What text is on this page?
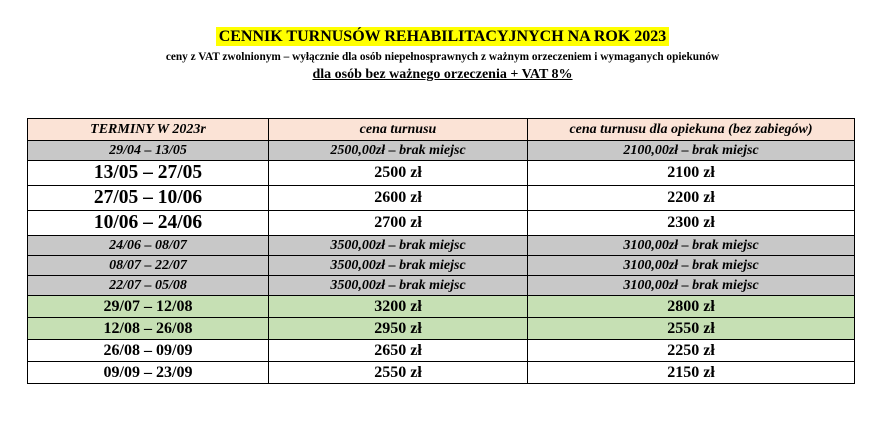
CENNIK TURNUSÓW REHABILITACYJNYCH NA ROK 2023
ceny z VAT zwolnionym – wyłącznie dla osób niepełnosprawnych z ważnym orzeczeniem i wymaganych opiekunów
dla osób bez ważnego orzeczenia + VAT 8%
TERMINY W 2023r	cena turnusu	cena turnusu dla opiekuna (bez zabiegów)
29/04 – 13/05	2500,00zł – brak miejsc	2100,00zł – brak miejsc
13/05 – 27/05	2500 zł	2100 zł
27/05 – 10/06	2600 zł	2200 zł
10/06 – 24/06	2700 zł	2300 zł
24/06 – 08/07	3500,00zł – brak miejsc	3100,00zł – brak miejsc
08/07 – 22/07	3500,00zł – brak miejsc	3100,00zł – brak miejsc
22/07 – 05/08	3500,00zł – brak miejsc	3100,00zł – brak miejsc
29/07 – 12/08	3200 zł	2800 zł
12/08 – 26/08	2950 zł	2550 zł
26/08 – 09/09	2650 zł	2250 zł
09/09 – 23/09	2550 zł	2150 zł
